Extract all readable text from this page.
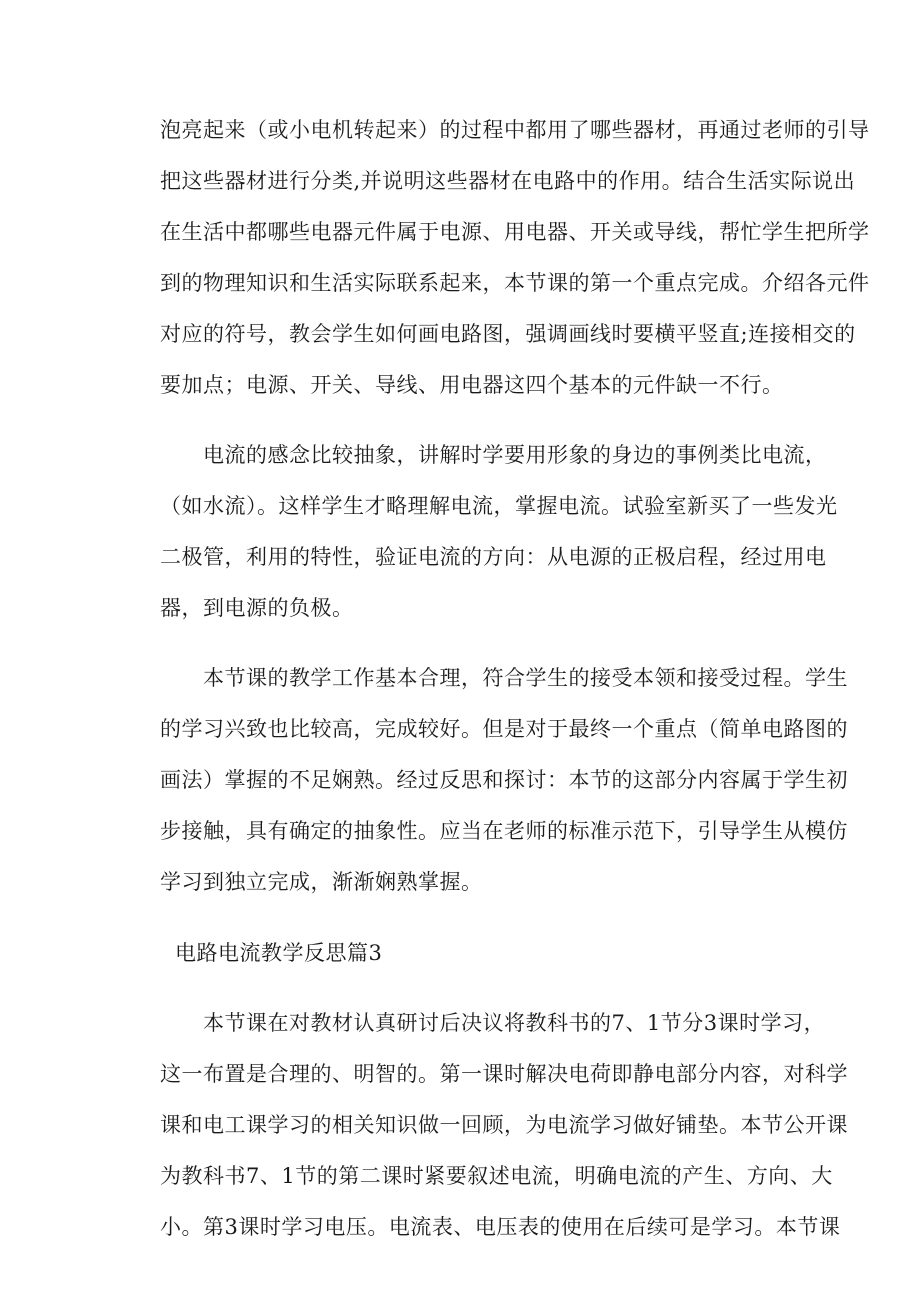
泡亮起来（或小电机转起来）的过程中都用了哪些器材，再通过老师的引导

把这些器材进行分类,并说明这些器材在电路中的作用。结合生活实际说出

在生活中都哪些电器元件属于电源、用电器、开关或导线，帮忙学生把所学

到的物理知识和生活实际联系起来，本节课的第一个重点完成。介绍各元件

对应的符号，教会学生如何画电路图，强调画线时要横平竖直;连接相交的

要加点；电源、开关、导线、用电器这四个基本的元件缺一不行。

电流的感念比较抽象，讲解时学要用形象的身边的事例类比电流，

（如水流）。这样学生才略理解电流，掌握电流。试验室新买了一些发光

二极管，利用的特性，验证电流的方向：从电源的正极启程，经过用电

器，到电源的负极。

本节课的教学工作基本合理，符合学生的接受本领和接受过程。学生

的学习兴致也比较高，完成较好。但是对于最终一个重点（简单电路图的

画法）掌握的不足娴熟。经过反思和探讨：本节的这部分内容属于学生初

步接触，具有确定的抽象性。应当在老师的标准示范下，引导学生从模仿

学习到独立完成，渐渐娴熟掌握。

电路电流教学反思篇3

本节课在对教材认真研讨后决议将教科书的7、1节分3课时学习，

这一布置是合理的、明智的。第一课时解决电荷即静电部分内容，对科学

课和电工课学习的相关知识做一回顾，为电流学习做好铺垫。本节公开课

为教科书7、1节的第二课时紧要叙述电流，明确电流的产生、方向、大

小。第3课时学习电压。电流表、电压表的使用在后续可是学习。本节课
